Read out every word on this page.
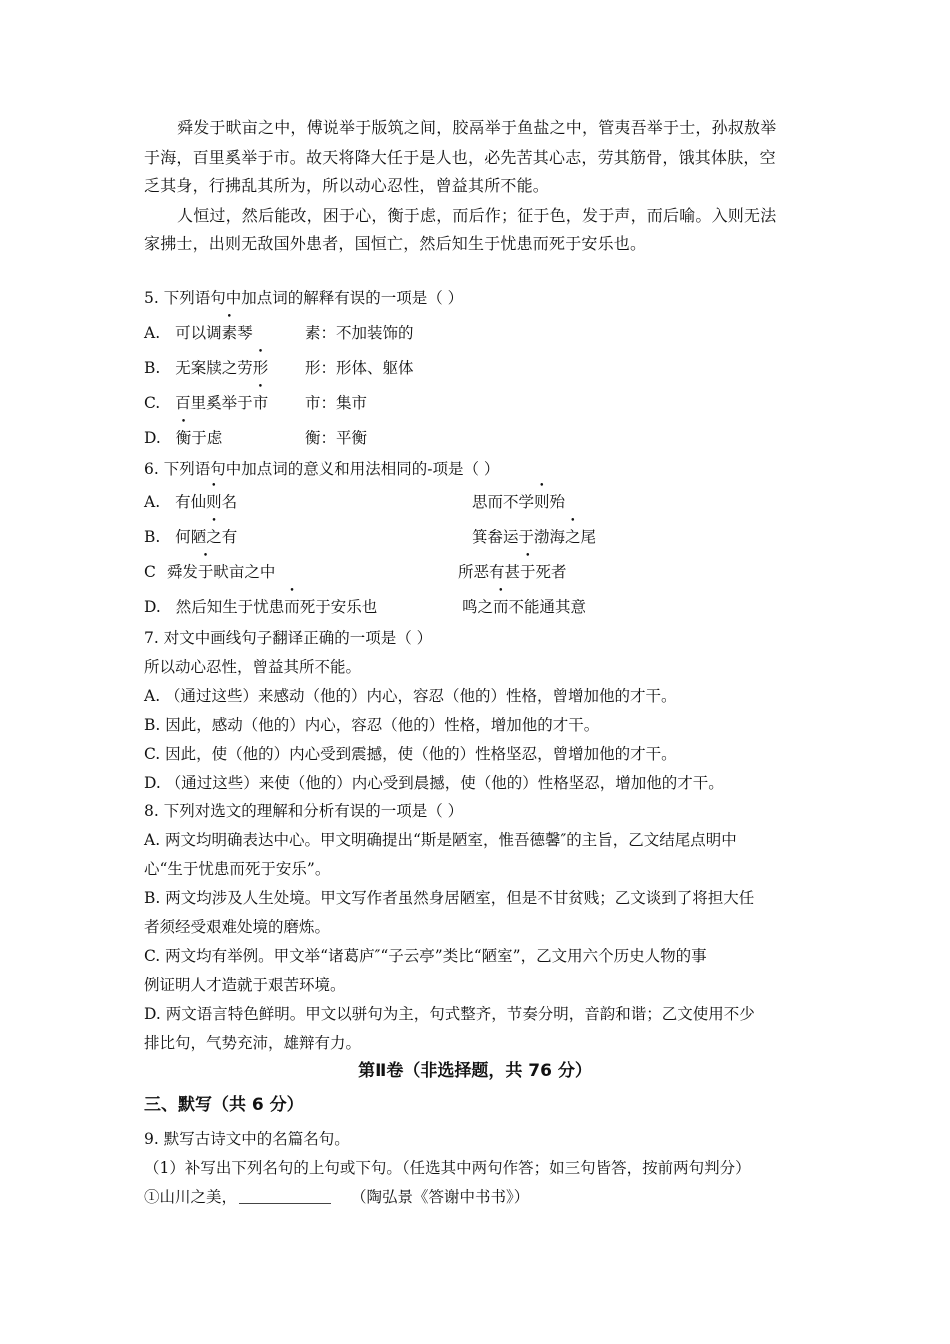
舜发于畎亩之中，傅说举于版筑之间，胶鬲举于鱼盐之中，管夷吾举于士，孙叔敖举
于海，百里奚举于市。故天将降大任于是人也，必先苦其心志，劳其筋骨，饿其体肤，空
乏其身，行拂乱其所为，所以动心忍性，曾益其所不能。
人恒过，然后能改，困于心，衡于虑，而后作；征于色，发于声，而后喻。入则无法
家拂士，出则无敌国外患者，国恒亡，然后知生于忧患而死于安乐也。
5. 下列语句中加点词的解释有误的一项是（ ）
A. 可以调素琴	素：不加装饰的
B. 无案牍之劳形 形：形体、躯体
C. 百里奚举于市 市：集市
D. 衡于虑	衡：平衡
6. 下列语句中加点词的意义和用法相同的-项是（ ）
A. 有仙则名	思而不学则殆
B. 何陋之有	箕畚运于渤海之尾
C 舜发于畎亩之中	所恶有甚于死者
D. 然后知生于忧患而死于安乐也	鸣之而不能通其意
7. 对文中画线句子翻译正确的一项是（ ）
所以动心忍性，曾益其所不能。
A. （通过这些）来感动（他的）内心，容忍（他的）性格，曾增加他的才干。
B. 因此，感动（他的）内心，容忍（他的）性格，增加他的才干。
C. 因此，使（他的）内心受到震撼，使（他的）性格坚忍，曾增加他的才干。
D. （通过这些）来使（他的）内心受到晨撼，使（他的）性格坚忍，增加他的才干。
8. 下列对选文的理解和分析有误的一项是（ ）
A. 两文均明确表达中心。甲文明确提出“斯是陋室，惟吾德馨″的主旨，乙文结尾点明中
心“生于忧患而死于安乐”。
B. 两文均涉及人生处境。甲文写作者虽然身居陋室，但是不甘贫贱；乙文谈到了将担大任
者须经受艰难处境的磨炼。
C. 两文均有举例。甲文举“诸葛庐″“子云亭”类比“陋室”，乙文用六个历史人物的事
例证明人才造就于艰苦环境。
D. 两文语言特色鲜明。甲文以骈句为主，句式整齐，节奏分明，音韵和谐；乙文使用不少
排比句，气势充沛，雄辩有力。
第Ⅱ卷（非选择题，共 76 分）
三、默写（共 6 分）
9. 默写古诗文中的名篇名句。
（1）补写出下列名句的上句或下句。（任选其中两句作答；如三句皆答，按前两句判分）
①山川之美，	（陶弘景《答谢中书书》）
